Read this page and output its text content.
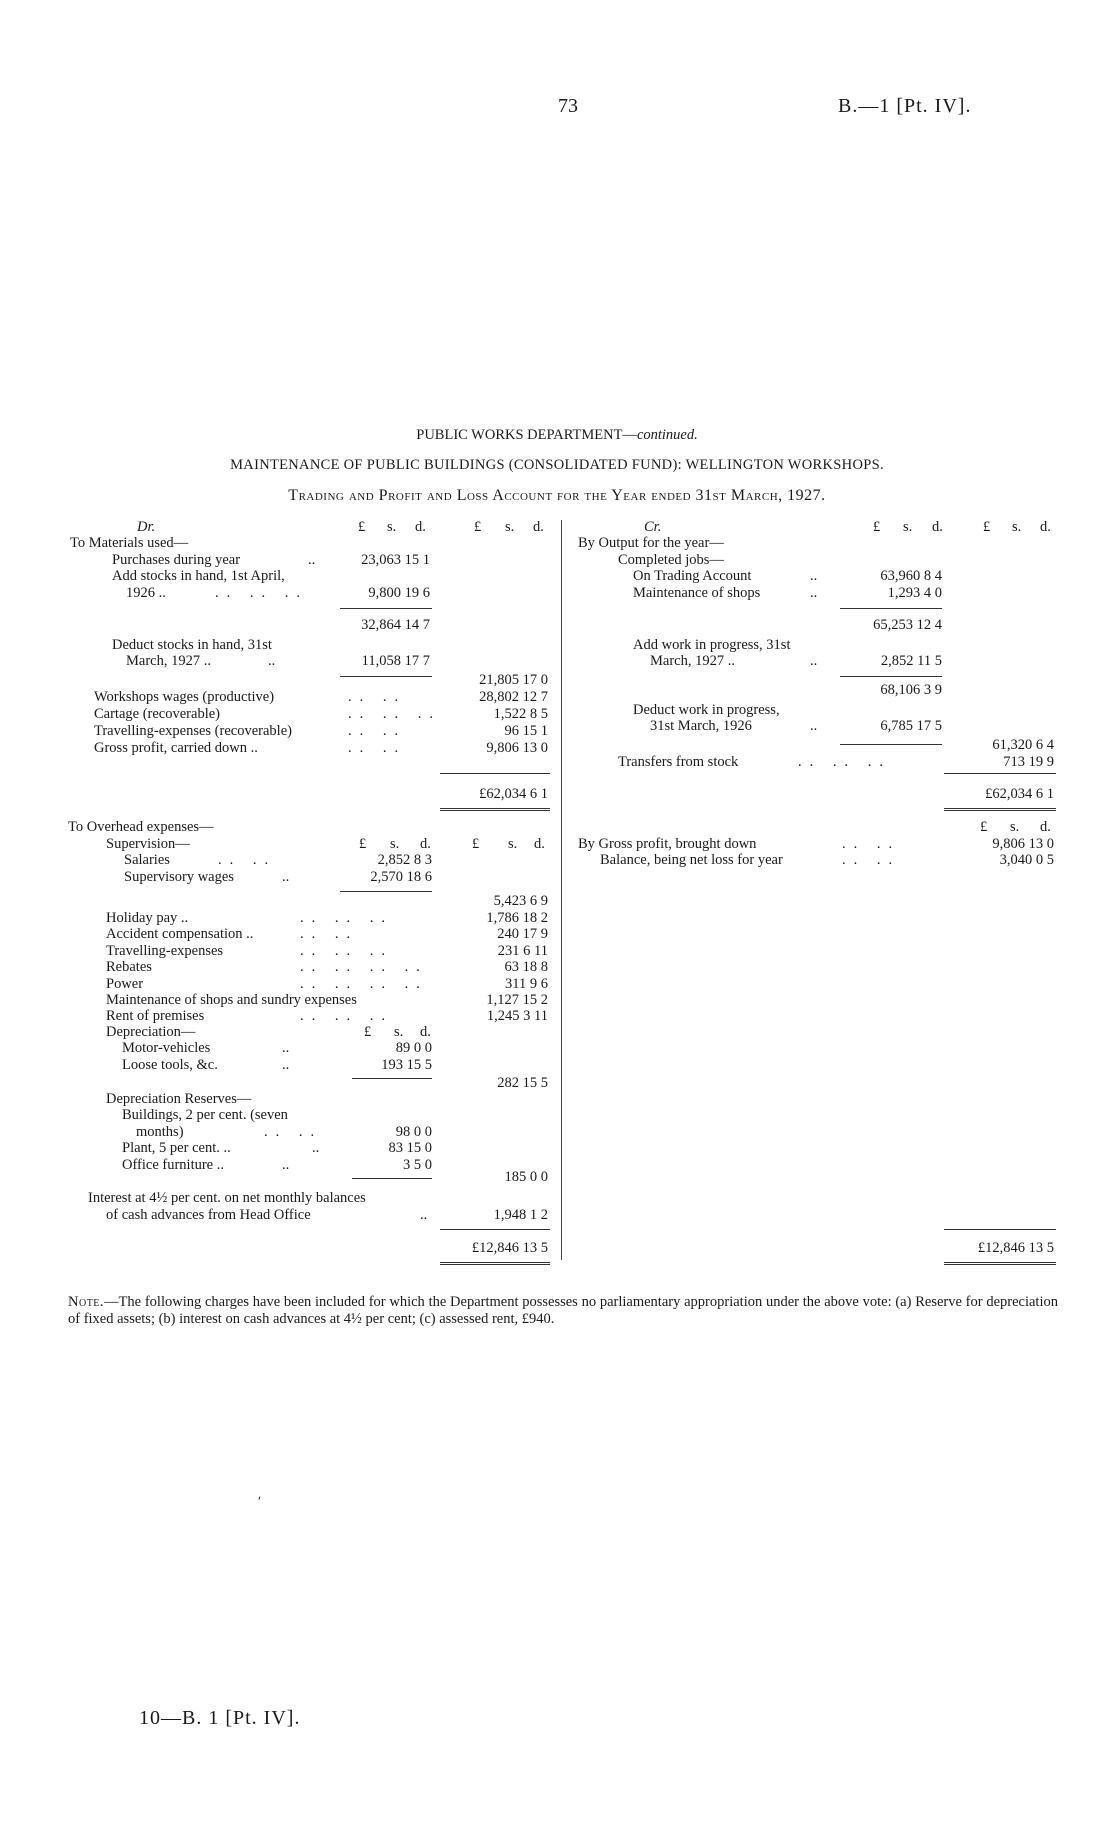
73	B.—1 [Pt. IV].
PUBLIC WORKS DEPARTMENT—continued.
MAINTENANCE OF PUBLIC BUILDINGS (CONSOLIDATED FUND): WELLINGTON WORKSHOPS.
Trading and Profit and Loss Account for the Year ended 31st March, 1927.
Dr.	£ s. d.	£ s. d.
To Materials used—
Purchases during year	..	23,063 15 1
Add stocks in hand, 1st April,
1926 ..	.. .. ..	9,800 19 6
32,864 14 7
Deduct stocks in hand, 31st
March, 1927 ..	..	11,058 17 7
21,805 17 0
Workshops wages (productive)	.. ..	28,802 12 7
Cartage (recoverable)	.. .. ..	1,522 8 5
Travelling-expenses (recoverable)	.. ..	96 15 1
Gross profit, carried down ..	.. ..	9,806 13 0
£62,034 6 1
Cr.	£ s. d.	£ s. d.
By Output for the year—
Completed jobs—
On Trading Account	..	63,960 8 4
Maintenance of shops	..	1,293 4 0
65,253 12 4
Add work in progress, 31st
March, 1927 ..	..	2,852 11 5
68,106 3 9
Deduct work in progress,
31st March, 1926	..	6,785 17 5
61,320 6 4
Transfers from stock	.. .. ..	713 19 9
£62,034 6 1
To Overhead expenses—
Supervision—	£ s. d.	£ s. d.
Salaries	.. ..	2,852 8 3
Supervisory wages	..	2,570 18 6
5,423 6 9
Holiday pay ..	.. .. ..	1,786 18 2
Accident compensation ..	.. ..	240 17 9
Travelling-expenses	.. .. ..	231 6 11
Rebates	.. .. .. ..	63 18 8
Power	.. .. .. ..	311 9 6
Maintenance of shops and sundry expenses	1,127 15 2
Rent of premises	.. .. ..	1,245 3 11
Depreciation—	£ s. d.
Motor-vehicles	..	89 0 0
Loose tools, &c.	..	193 15 5
282 15 5
Depreciation Reserves—
Buildings, 2 per cent. (seven
months)	.. ..	98 0 0
Plant, 5 per cent. ..	..	83 15 0
Office furniture ..	..	3 5 0
185 0 0
Interest at 4½ per cent. on net monthly balances
of cash advances from Head Office	..	1,948 1 2
£12,846 13 5
£ s. d.
By Gross profit, brought down	.. ..	9,806 13 0
Balance, being net loss for year	.. ..	3,040 0 5
£12,846 13 5
Note.—The following charges have been included for which the Department possesses no parliamentary appropriation under the above vote: (a) Reserve for depreciation of fixed assets; (b) interest on cash advances at 4½ per cent; (c) assessed rent, £940.
ʹ
10—B. 1 [Pt. IV].
